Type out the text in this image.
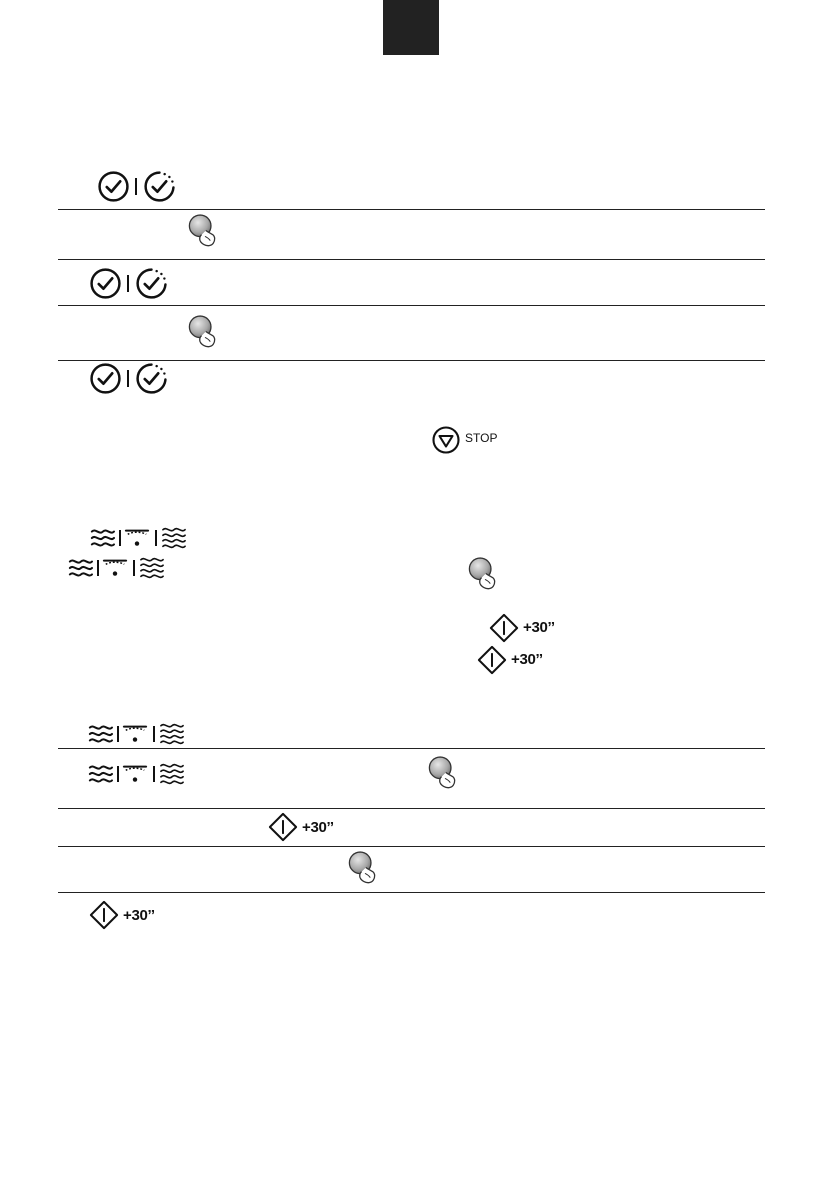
STOP
+30’’
+30’’
+30’’
+30’’
